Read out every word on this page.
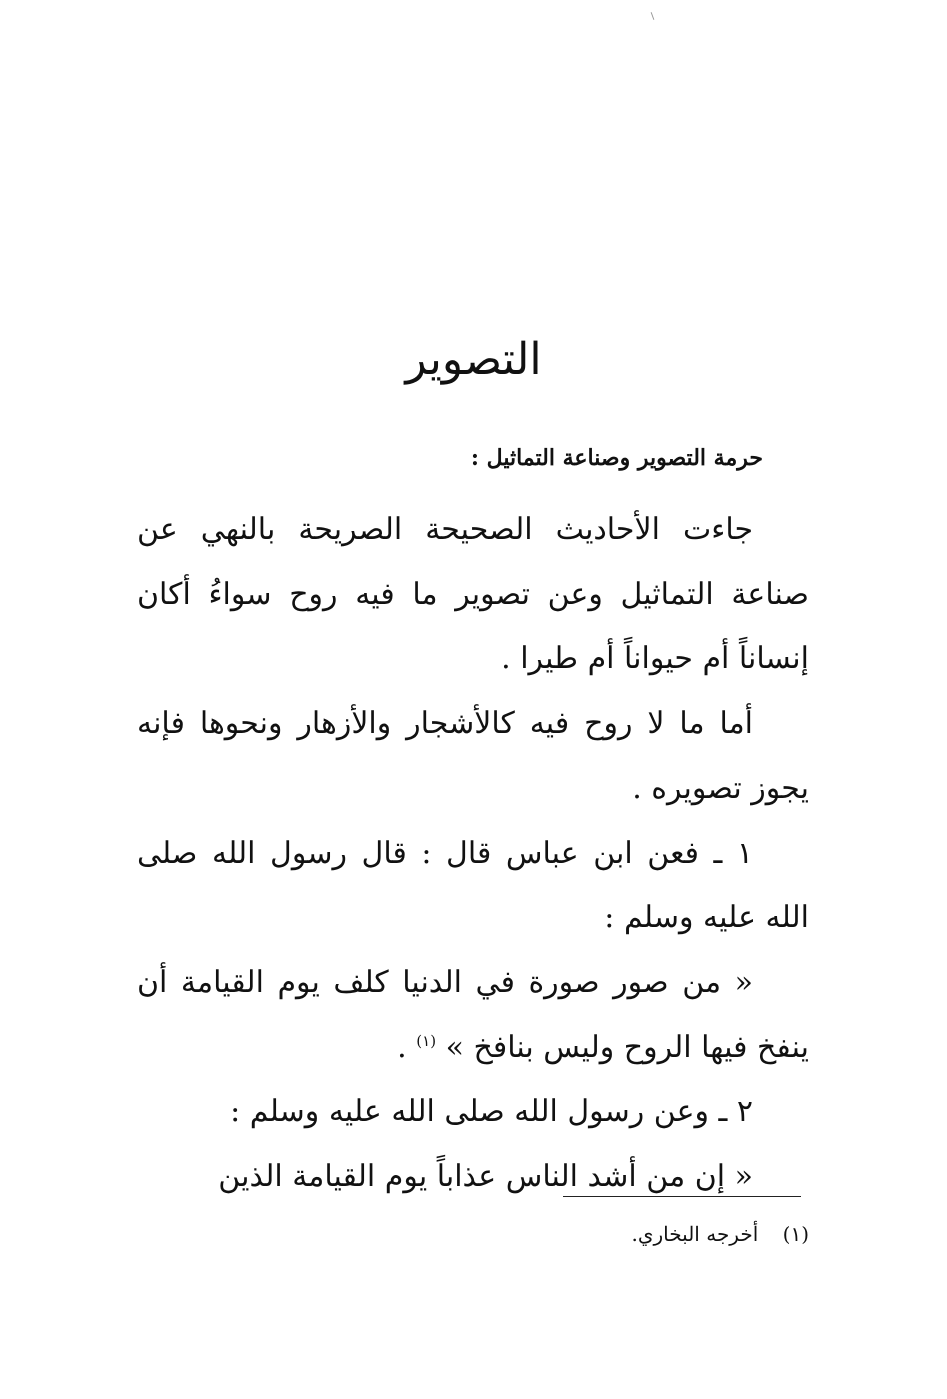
التصوير
حرمة التصوير وصناعة التماثيل :

جاءت الأحاديث الصحيحة الصريحة بالنهي عن صناعة التماثيل وعن تصوير ما فيه روح سواءُ أكان إنساناً أم حيواناً أم طيرا .

أما ما لا روح فيه كالأشجار والأزهار ونحوها فإنه يجوز تصويره .

١ ـ فعن ابن عباس قال : قال رسول الله صلى الله عليه وسلم :

« من صور صورة في الدنيا كلف يوم القيامة أن ينفخ فيها الروح وليس بنافخ » $^{(١)}$ .

٢ ـ وعن رسول الله صلى الله عليه وسلم :

« إن من أشد الناس عذاباً يوم القيامة الذين

(١) أخرجه البخاري.
